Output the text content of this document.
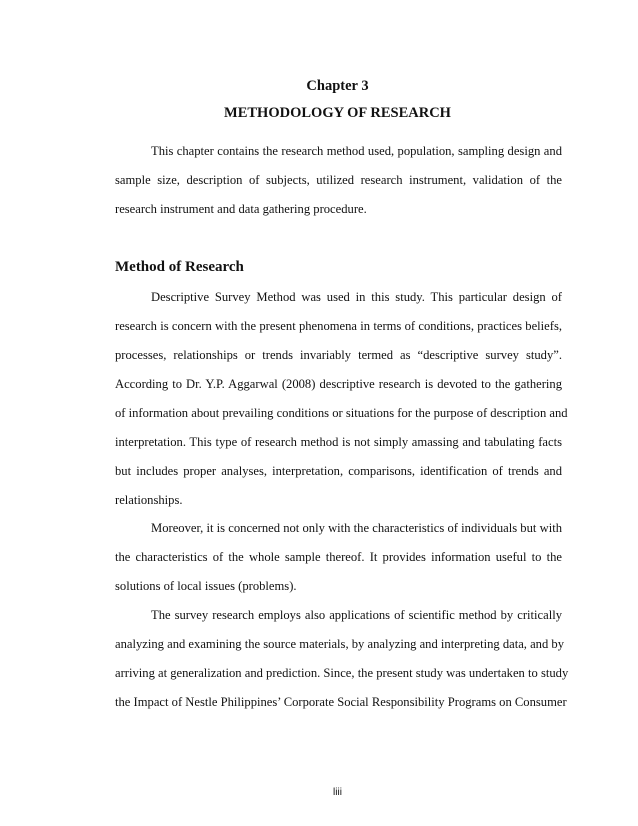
Chapter 3
METHODOLOGY OF RESEARCH
This chapter contains the research method used, population, sampling design and
sample size, description of subjects, utilized research instrument, validation of the
research instrument and data gathering procedure.
Method of Research
Descriptive Survey Method was used in this study. This particular design of
research is concern with the present phenomena in terms of conditions, practices beliefs,
processes, relationships or trends invariably termed as “descriptive survey study”.
According to Dr. Y.P. Aggarwal (2008) descriptive research is devoted to the gathering
of information about prevailing conditions or situations for the purpose of description and
interpretation. This type of research method is not simply amassing and tabulating facts
but includes proper analyses, interpretation, comparisons, identification of trends and
relationships.
Moreover, it is concerned not only with the characteristics of individuals but with
the characteristics of the whole sample thereof. It provides information useful to the
solutions of local issues (problems).
The survey research employs also applications of scientific method by critically
analyzing and examining the source materials, by analyzing and interpreting data, and by
arriving at generalization and prediction. Since, the present study was undertaken to study
the Impact of Nestle Philippines’ Corporate Social Responsibility Programs on Consumer
liii
